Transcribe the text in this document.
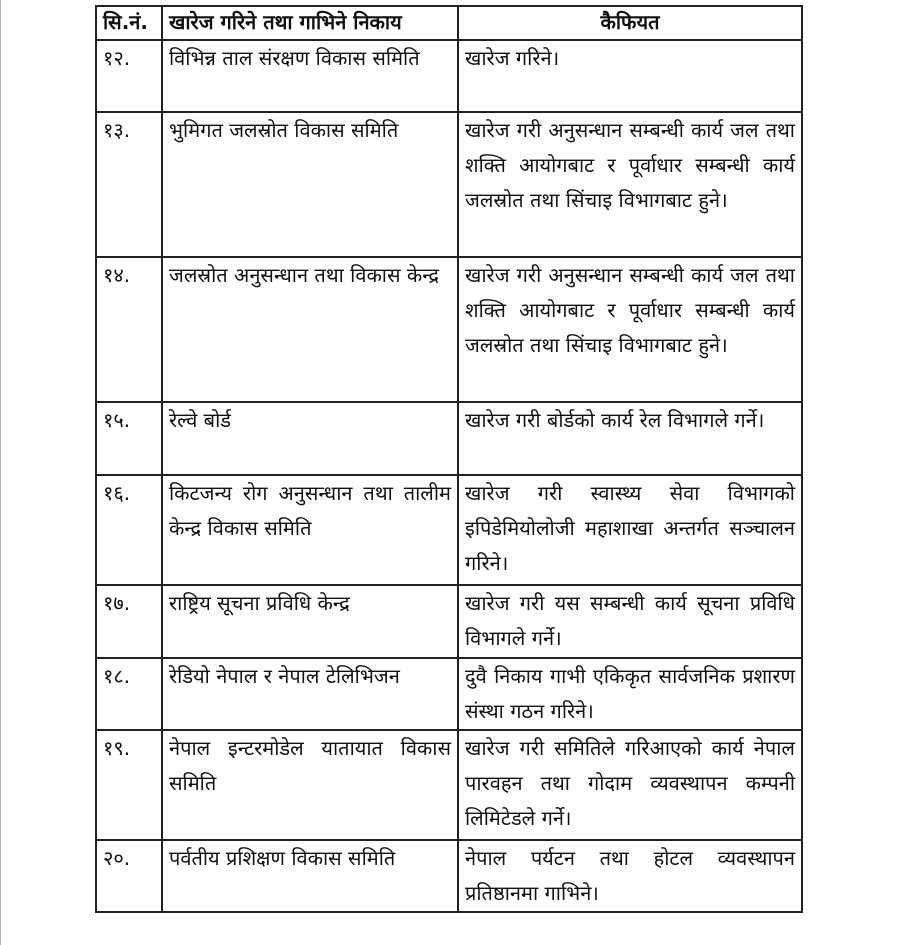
सि.नं.	खारेज गरिने तथा गाभिने निकाय	कैफियत
१२.	विभिन्न ताल संरक्षण विकास समिति	खारेज गरिने।
१३.	भुमिगत जलस्रोत विकास समिति	खारेज गरी अनुसन्धान सम्बन्धी कार्य जल तथा शक्ति आयोगबाट र पूर्वाधार सम्बन्धी कार्य जलस्रोत तथा सिंचाइ विभागबाट हुने।
१४.	जलस्रोत अनुसन्धान तथा विकास केन्द्र	खारेज गरी अनुसन्धान सम्बन्धी कार्य जल तथा शक्ति आयोगबाट र पूर्वाधार सम्बन्धी कार्य जलस्रोत तथा सिंचाइ विभागबाट हुने।
१५.	रेल्वे बोर्ड	खारेज गरी बोर्डको कार्य रेल विभागले गर्ने।
१६.	किटजन्य रोग अनुसन्धान तथा तालीम केन्द्र विकास समिति	खारेज गरी स्वास्थ्य सेवा विभागको इपिडेमियोलोजी महाशाखा अन्तर्गत सञ्चालन गरिने।
१७.	राष्ट्रिय सूचना प्रविधि केन्द्र	खारेज गरी यस सम्बन्धी कार्य सूचना प्रविधि विभागले गर्ने।
१८.	रेडियो नेपाल र नेपाल टेलिभिजन	दुवै निकाय गाभी एकिकृत सार्वजनिक प्रशारण संस्था गठन गरिने।
१९.	नेपाल इन्टरमोडेल यातायात विकास समिति	खारेज गरी समितिले गरिआएको कार्य नेपाल पारवहन तथा गोदाम व्यवस्थापन कम्पनी लिमिटेडले गर्ने।
२०.	पर्वतीय प्रशिक्षण विकास समिति	नेपाल पर्यटन तथा होटल व्यवस्थापन प्रतिष्ठानमा गाभिने।
